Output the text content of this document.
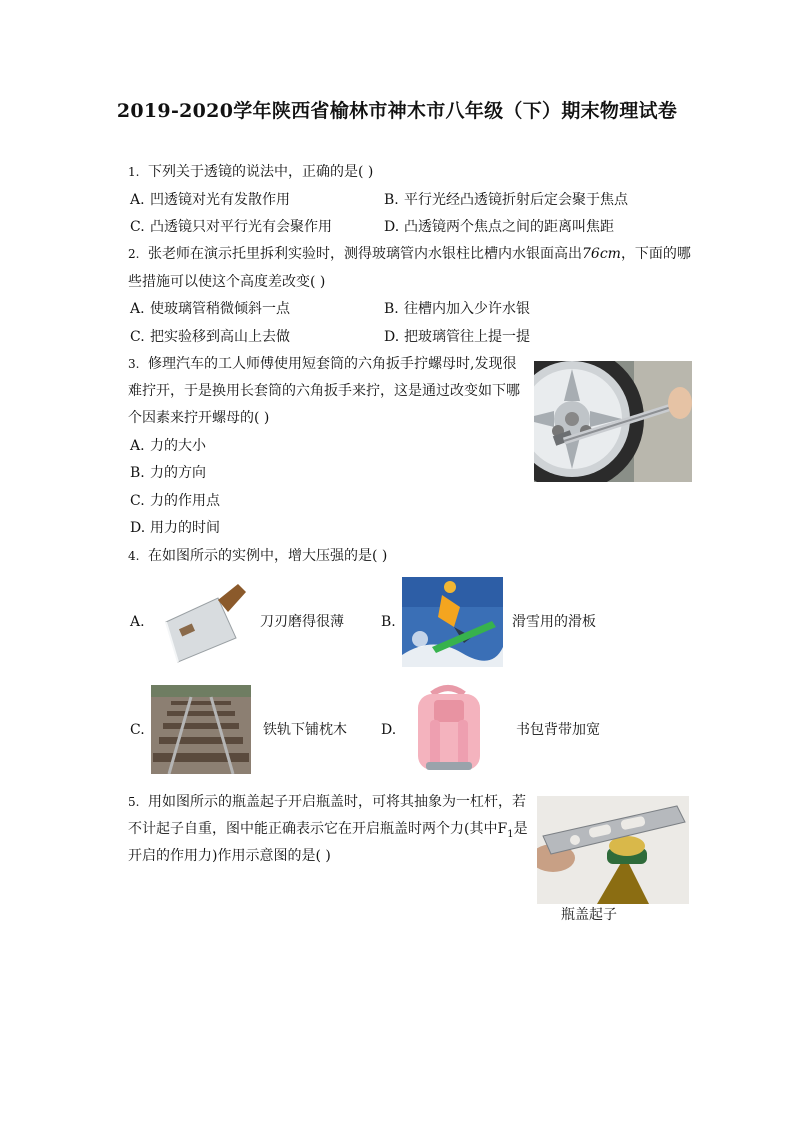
2019-2020学年陕西省榆林市神木市八年级（下）期末物理试卷
1. 下列关于透镜的说法中，正确的是( )
A. 凹透镜对光有发散作用	B. 平行光经凸透镜折射后定会聚于焦点
C. 凸透镜只对平行光有会聚作用	D. 凸透镜两个焦点之间的距离叫焦距
2. 张老师在演示托里拆利实验时，测得玻璃管内水银柱比槽内水银面高出76cm，下面的哪
些措施可以使这个高度差改变( )
A. 使玻璃管稍微倾斜一点	B. 往槽内加入少许水银
C. 把实验移到高山上去做	D. 把玻璃管往上提一提
3. 修理汽车的工人师傅使用短套筒的六角扳手拧螺母时,发现很
难拧开，于是换用长套筒的六角扳手来拧，这是通过改变如下哪
个因素来拧开螺母的( )
A. 力的大小
B. 力的方向
C. 力的作用点
D. 用力的时间
4. 在如图所示的实例中，增大压强的是( )
A.	刀刃磨得很薄	B.	滑雪用的滑板
C.	铁轨下铺枕木 D.	书包背带加宽
5. 用如图所示的瓶盖起子开启瓶盖时，可将其抽象为一杠杆，若
不计起子自重，图中能正确表示它在开启瓶盖时两个力(其中$F_1$是
开启的作用力)作用示意图的是( )
瓶盖起子
